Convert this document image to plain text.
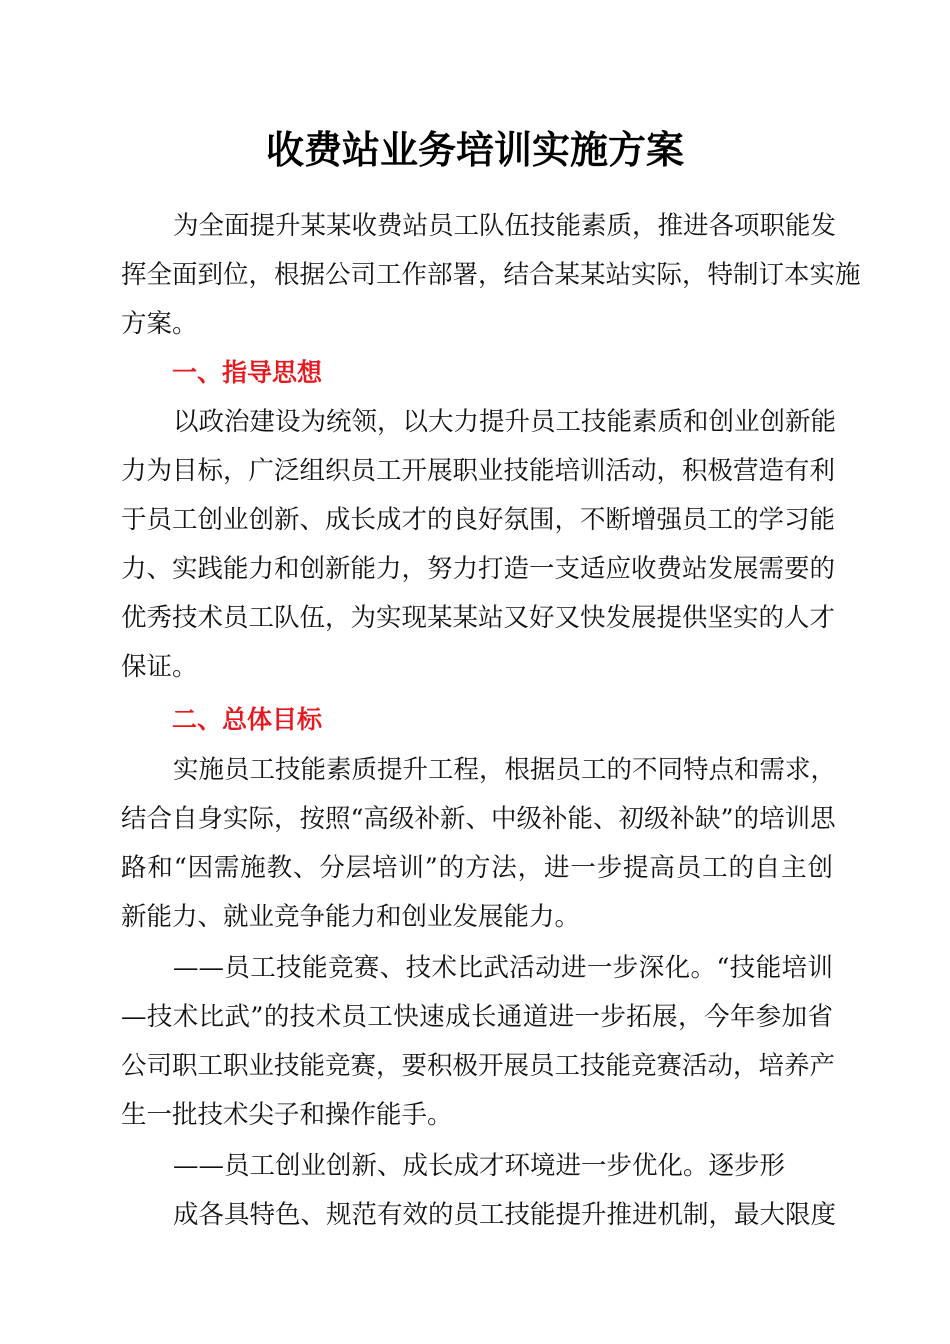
收费站业务培训实施方案
为全面提升某某收费站员工队伍技能素质，推进各项职能发
挥全面到位，根据公司工作部署，结合某某站实际，特制订本实施
方案。
一、指导思想
以政治建设为统领，以大力提升员工技能素质和创业创新能
力为目标，广泛组织员工开展职业技能培训活动，积极营造有利
于员工创业创新、成长成才的良好氛围，不断增强员工的学习能
力、实践能力和创新能力，努力打造一支适应收费站发展需要的
优秀技术员工队伍，为实现某某站又好又快发展提供坚实的人才
保证。
二、总体目标
实施员工技能素质提升工程，根据员工的不同特点和需求，
结合自身实际，按照“高级补新、中级补能、初级补缺”的培训思
路和“因需施教、分层培训”的方法，进一步提高员工的自主创
新能力、就业竞争能力和创业发展能力。
——员工技能竞赛、技术比武活动进一步深化。“技能培训
—技术比武”的技术员工快速成长通道进一步拓展，今年参加省
公司职工职业技能竞赛，要积极开展员工技能竞赛活动，培养产
生一批技术尖子和操作能手。
——员工创业创新、成长成才环境进一步优化。逐步形
成各具特色、规范有效的员工技能提升推进机制，最大限度
